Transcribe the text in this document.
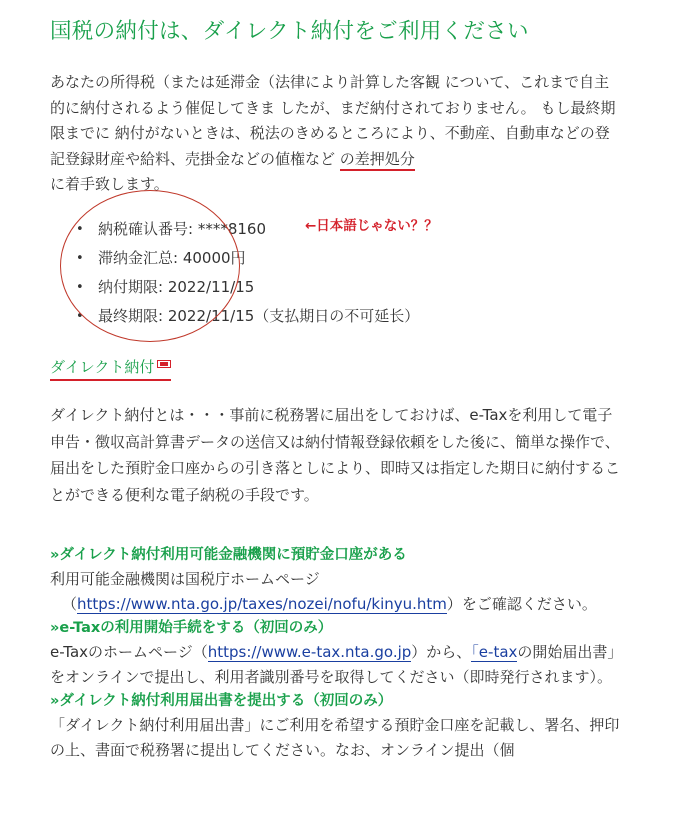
国税の納付は、ダイレクト納付をご利用ください

あなたの所得税（または延滞金（法律により計算した客観 について、これまで自主的に納付されるよう催促してきま したが、まだ納付されておりません。 もし最終期限までに 納付がないときは、税法のきめるところにより、不動産、自動車などの登記登録財産や給料、売掛金などの値権など の差押処分
に着手致します。

• 納税確认番号: ****8160
• 滞纳金汇总: 40000円
• 纳付期限: 2022/11/15
• 最终期限: 2022/11/15（支払期日の不可延长）
←日本語じゃない？？
ダイレクト納付

ダイレクト納付とは・・・事前に税務署に届出をしておけば、e-Taxを利用して電子申告・徴収高計算書データの送信又は納付情報登録依頼をした後に、簡単な操作で、届出をした預貯金口座からの引き落としにより、即時又は指定した期日に納付することができる便利な電子納税の手段です。

»ダイレクト納付利用可能金融機関に預貯金口座がある

利用可能金融機関は国税庁ホームページ
（https://www.nta.go.jp/taxes/nozei/nofu/kinyu.htm）をご確認ください。

»e-Taxの利用開始手続をする（初回のみ）

e-Taxのホームページ（https://www.e-tax.nta.go.jp）から、「e-taxの開始届出書」をオンラインで提出し、利用者識別番号を取得してください（即時発行されます）。

»ダイレクト納付利用届出書を提出する（初回のみ）

「ダイレクト納付利用届出書」にご利用を希望する預貯金口座を記載し、署名、押印の上、書面で税務署に提出してください。なお、オンライン提出（個
